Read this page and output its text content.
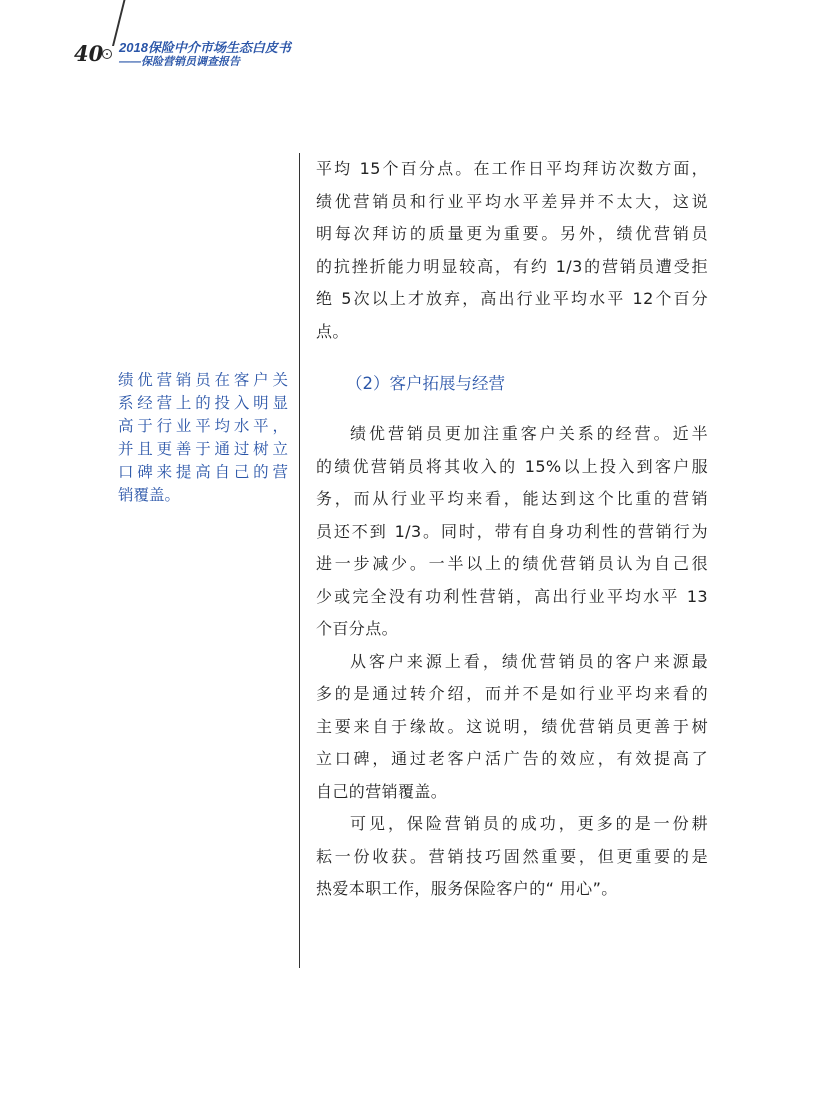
40 2018保险中介市场生态白皮书
——保险营销员调查报告
绩优营销员在客户关
系经营上的投入明显
高于行业平均水平，
并且更善于通过树立
口碑来提高自己的营
销覆盖。
平均 15个百分点。在工作日平均拜访次数方面，
绩优营销员和行业平均水平差异并不太大，这说
明每次拜访的质量更为重要。另外，绩优营销员
的抗挫折能力明显较高，有约 1/3的营销员遭受拒
绝 5次以上才放弃，高出行业平均水平 12个百分
点。
（2）客户拓展与经营
绩优营销员更加注重客户关系的经营。近半
的绩优营销员将其收入的 15%以上投入到客户服
务，而从行业平均来看，能达到这个比重的营销
员还不到 1/3。同时，带有自身功利性的营销行为
进一步减少。一半以上的绩优营销员认为自己很
少或完全没有功利性营销，高出行业平均水平 13
个百分点。
从客户来源上看，绩优营销员的客户来源最
多的是通过转介绍，而并不是如行业平均来看的
主要来自于缘故。这说明，绩优营销员更善于树
立口碑，通过老客户活广告的效应，有效提高了
自己的营销覆盖。
可见，保险营销员的成功，更多的是一份耕
耘一份收获。营销技巧固然重要，但更重要的是
热爱本职工作，服务保险客户的“ 用心”。
